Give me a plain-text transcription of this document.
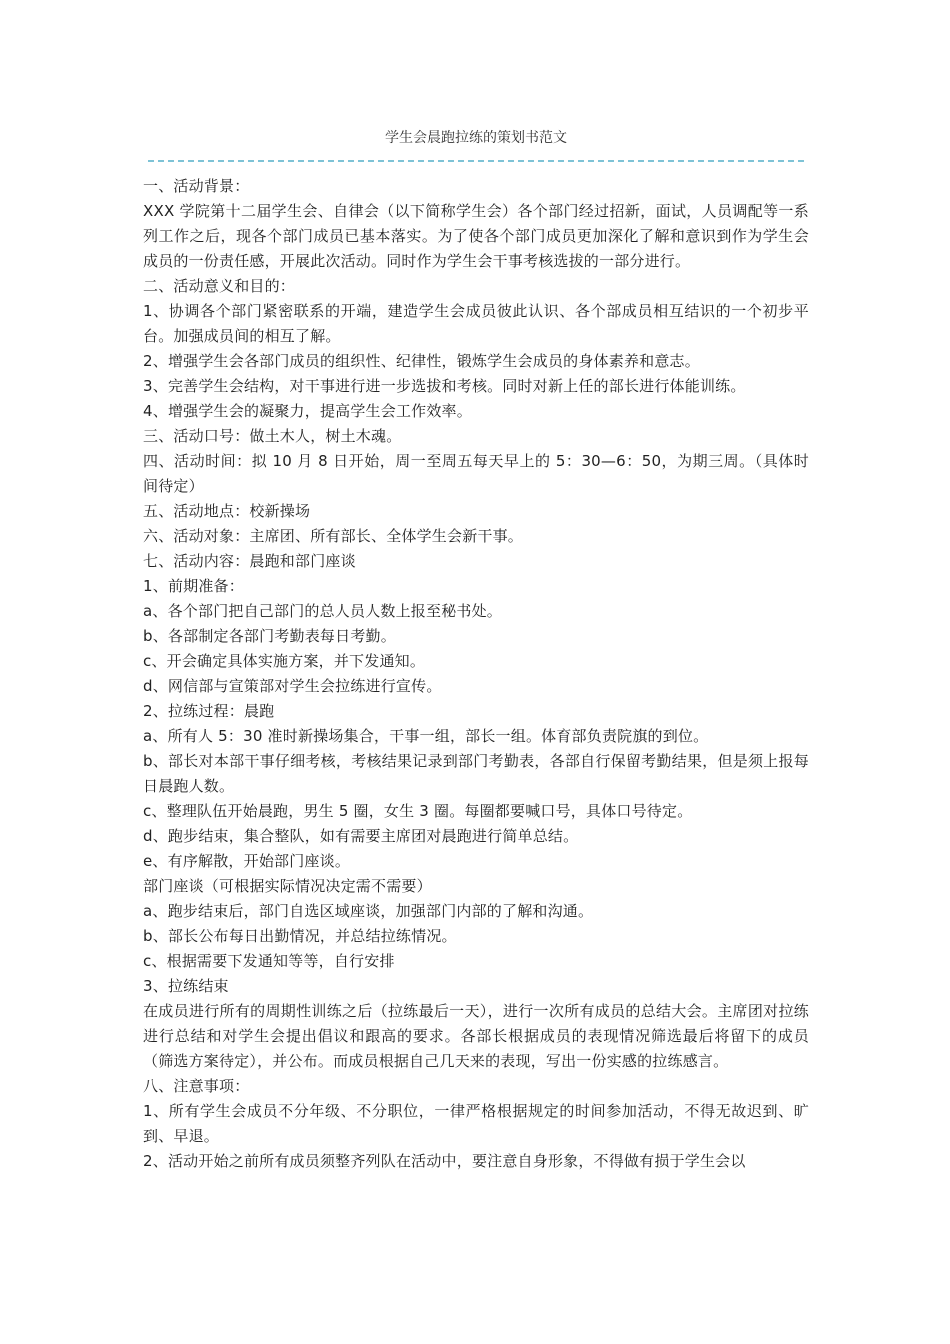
学生会晨跑拉练的策划书范文

一、活动背景：

XXX 学院第十二届学生会、自律会（以下简称学生会）各个部门经过招新，面试，人员调配等一系列工作之后，现各个部门成员已基本落实。为了使各个部门成员更加深化了解和意识到作为学生会成员的一份责任感，开展此次活动。同时作为学生会干事考核选拔的一部分进行。

二、活动意义和目的：

1、协调各个部门紧密联系的开端，建造学生会成员彼此认识、各个部成员相互结识的一个初步平台。加强成员间的相互了解。

2、增强学生会各部门成员的组织性、纪律性，锻炼学生会成员的身体素养和意志。

3、完善学生会结构，对干事进行进一步选拔和考核。同时对新上任的部长进行体能训练。

4、增强学生会的凝聚力，提高学生会工作效率。

三、活动口号：做土木人，树土木魂。

四、活动时间：拟 10 月 8 日开始，周一至周五每天早上的 5：30—6：50，为期三周。（具体时间待定）

五、活动地点：校新操场

六、活动对象：主席团、所有部长、全体学生会新干事。

七、活动内容：晨跑和部门座谈

1、前期准备：

a、各个部门把自己部门的总人员人数上报至秘书处。

b、各部制定各部门考勤表每日考勤。

c、开会确定具体实施方案，并下发通知。

d、网信部与宣策部对学生会拉练进行宣传。

2、拉练过程：晨跑

a、所有人 5：30 准时新操场集合，干事一组，部长一组。体育部负责院旗的到位。

b、部长对本部干事仔细考核，考核结果记录到部门考勤表，各部自行保留考勤结果，但是须上报每日晨跑人数。

c、整理队伍开始晨跑，男生 5 圈，女生 3 圈。每圈都要喊口号，具体口号待定。

d、跑步结束，集合整队，如有需要主席团对晨跑进行简单总结。

e、有序解散，开始部门座谈。

部门座谈（可根据实际情况决定需不需要）

a、跑步结束后，部门自选区域座谈，加强部门内部的了解和沟通。

b、部长公布每日出勤情况，并总结拉练情况。

c、根据需要下发通知等等，自行安排

3、拉练结束

在成员进行所有的周期性训练之后（拉练最后一天），进行一次所有成员的总结大会。主席团对拉练进行总结和对学生会提出倡议和跟高的要求。各部长根据成员的表现情况筛选最后将留下的成员（筛选方案待定），并公布。而成员根据自己几天来的表现，写出一份实感的拉练感言。

八、注意事项：

1、所有学生会成员不分年级、不分职位，一律严格根据规定的时间参加活动，不得无故迟到、旷到、早退。

2、活动开始之前所有成员须整齐列队在活动中，要注意自身形象，不得做有损于学生会以
